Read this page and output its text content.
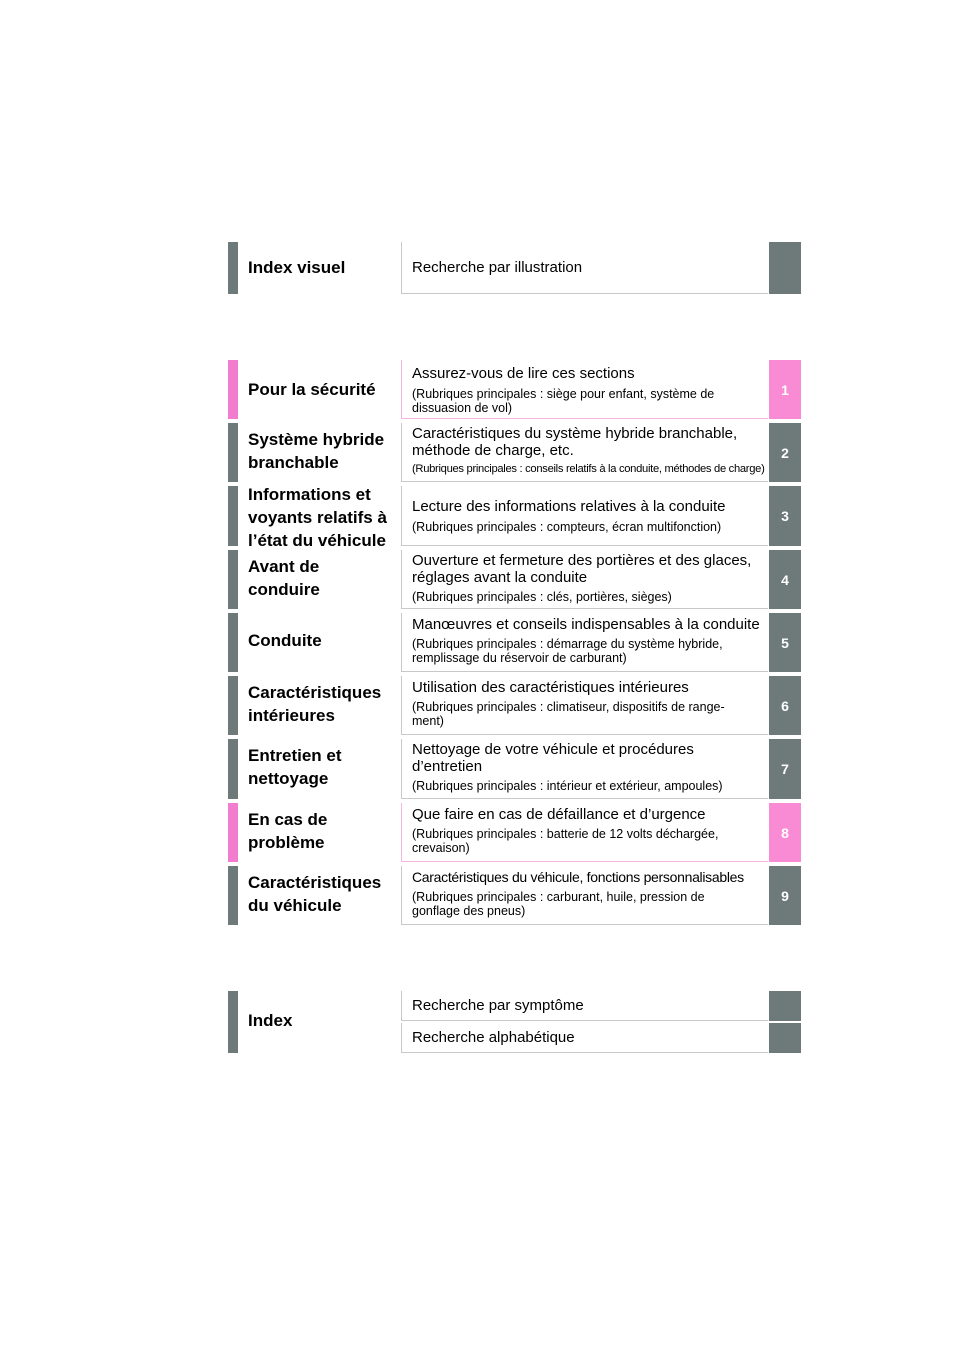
Index visuel	Recherche par illustration
Pour la sécurité
Assurez-vous de lire ces sections
(Rubriques principales : siège pour enfant, système de
dissuasion de vol)
1
Système hybride
branchable
Caractéristiques du système hybride branchable,
méthode de charge, etc.
(Rubriques principales : conseils relatifs à la conduite, méthodes de charge)
2
Informations et
voyants relatifs à
l’état du véhicule
Lecture des informations relatives à la conduite
(Rubriques principales : compteurs, écran multifonction)
3
Avant de
conduire
Ouverture et fermeture des portières et des glaces,
réglages avant la conduite
(Rubriques principales : clés, portières, sièges)
4
Conduite
Manœuvres et conseils indispensables à la conduite
(Rubriques principales : démarrage du système hybride,
remplissage du réservoir de carburant)
5
Caractéristiques
intérieures
Utilisation des caractéristiques intérieures
(Rubriques principales : climatiseur, dispositifs de range-
ment)
6
Entretien et
nettoyage
Nettoyage de votre véhicule et procédures
d’entretien
(Rubriques principales : intérieur et extérieur, ampoules)
7
En cas de
problème
Que faire en cas de défaillance et d’urgence
(Rubriques principales : batterie de 12 volts déchargée,
crevaison)
8
Caractéristiques
du véhicule
Caractéristiques du véhicule, fonctions personnalisables
(Rubriques principales : carburant, huile, pression de
gonflage des pneus)
9
Index
Recherche par symptôme
Recherche alphabétique
